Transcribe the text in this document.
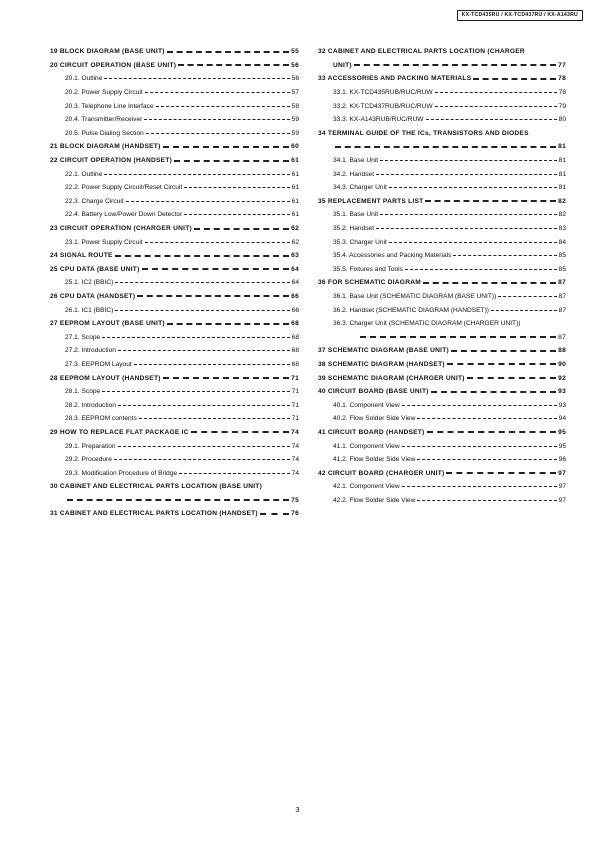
KX-TCD435RU / KX-TCD437RU / KX-A143RU
19 BLOCK DIAGRAM (BASE UNIT)	55
20 CIRCUIT OPERATION (BASE UNIT)	56
20.1. Outline	56
20.2. Power Supply Circuit	57
20.3. Telephone Line Interface	58
20.4. Transmitter/Receiver	59
20.5. Pulse Dialing Section	59
21 BLOCK DIAGRAM (HANDSET)	60
22 CIRCUIT OPERATION (HANDSET)	61
22.1. Outline	61
22.2. Power Supply Circuit/Reset Circuit	61
22.3. Charge Circuit	61
22.4. Battery Low/Power Down Detector	61
23 CIRCUIT OPERATION (CHARGER UNIT)	62
23.1. Power Supply Circuit	62
24 SIGNAL ROUTE	63
25 CPU DATA (BASE UNIT)	64
25.1. IC2 (BBIC)	64
26 CPU DATA (HANDSET)	66
26.1. IC1 (BBIC)	66
27 EEPROM LAYOUT (BASE UNIT)	68
27.1. Scope	68
27.2. Introduction	68
27.3. EEPROM Layout	68
28 EEPROM LAYOUT (HANDSET)	71
28.1. Scope	71
28.2. Introduction	71
28.3. EEPROM contents	71
29 HOW TO REPLACE FLAT PACKAGE IC	74
29.1. Preparation	74
29.2. Procedure	74
29.3. Modification Procedure of Bridge	74
30 CABINET AND ELECTRICAL PARTS LOCATION (BASE UNIT)
75
31 CABINET AND ELECTRICAL PARTS LOCATION (HANDSET)	76
32 CABINET AND ELECTRICAL PARTS LOCATION (CHARGER
UNIT)	77
33 ACCESSORIES AND PACKING MATERIALS	78
33.1. KX-TCD435RUB/RUC/RUW	78
33.2. KX-TCD437RUB/RUC/RUW	79
33.3. KX-A143RUB/RUC/RUW	80
34 TERMINAL GUIDE OF THE ICs, TRANSISTORS AND DIODES
81
34.1. Base Unit	81
34.2. Handset	81
34.3. Charger Unit	81
35 REPLACEMENT PARTS LIST	82
35.1. Base Unit	82
35.2. Handset	83
35.3. Charger Unit	84
35.4. Accessories and Packing Materials	85
35.5. Fixtures and Tools	85
36 FOR SCHEMATIC DIAGRAM	87
36.1. Base Unit (SCHEMATIC DIAGRAM (BASE UNIT))	87
36.2. Handset (SCHEMATIC DIAGRAM (HANDSET))	87
36.3. Charger Unit (SCHEMATIC DIAGRAM (CHARGER UNIT))
87
37 SCHEMATIC DIAGRAM (BASE UNIT)	88
38 SCHEMATIC DIAGRAM (HANDSET)	90
39 SCHEMATIC DIAGRAM (CHARGER UNIT)	92
40 CIRCUIT BOARD (BASE UNIT)	93
40.1. Component View	93
40.2. Flow Solder Side View	94
41 CIRCUIT BOARD (HANDSET)	95
41.1. Component View	95
41.2. Flow Solder Side View	96
42 CIRCUIT BOARD (CHARGER UNIT)	97
42.1. Component View	97
42.2. Flow Solder Side View	97
3
